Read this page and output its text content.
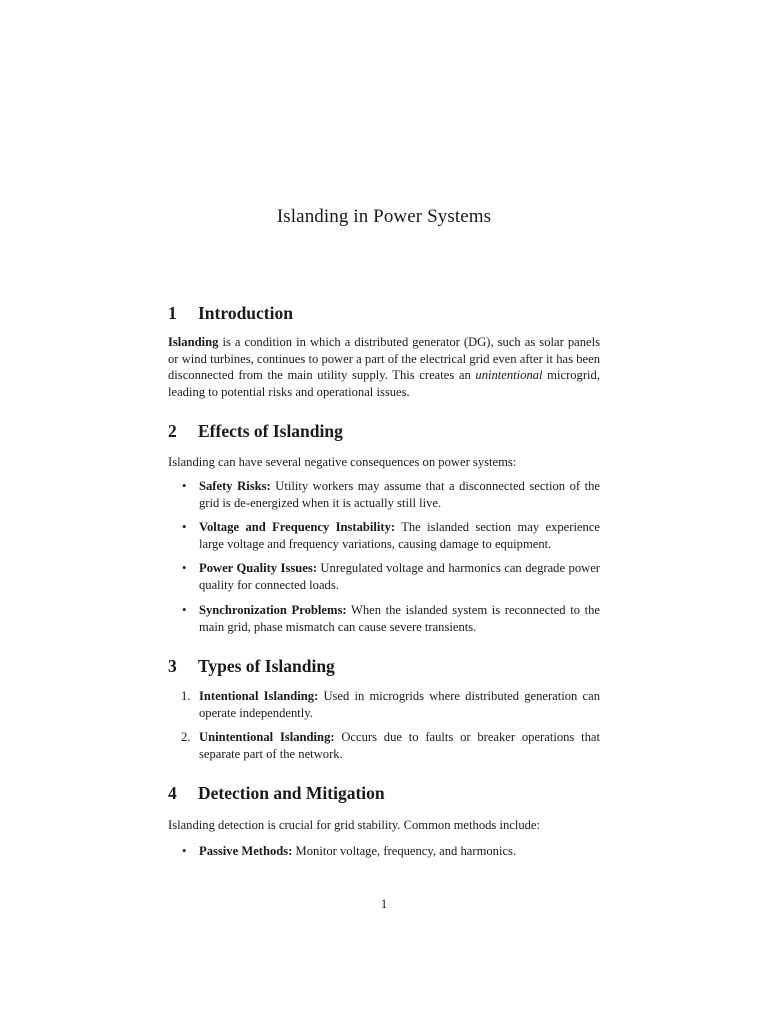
Islanding in Power Systems
1 Introduction

Islanding is a condition in which a distributed generator (DG), such as solar panels or wind turbines, continues to power a part of the electrical grid even after it has been disconnected from the main utility supply. This creates an unintentional microgrid, leading to potential risks and operational issues.

2 Effects of Islanding

Islanding can have several negative consequences on power systems:

• Safety Risks: Utility workers may assume that a disconnected section of the grid is de-energized when it is actually still live.

• Voltage and Frequency Instability: The islanded section may experience large voltage and frequency variations, causing damage to equipment.

• Power Quality Issues: Unregulated voltage and harmonics can degrade power quality for connected loads.

• Synchronization Problems: When the islanded system is reconnected to the main grid, phase mismatch can cause severe transients.

3 Types of Islanding

1. Intentional Islanding: Used in microgrids where distributed generation can operate independently.

2. Unintentional Islanding: Occurs due to faults or breaker operations that separate part of the network.

4 Detection and Mitigation

Islanding detection is crucial for grid stability. Common methods include:

• Passive Methods: Monitor voltage, frequency, and harmonics.

1
